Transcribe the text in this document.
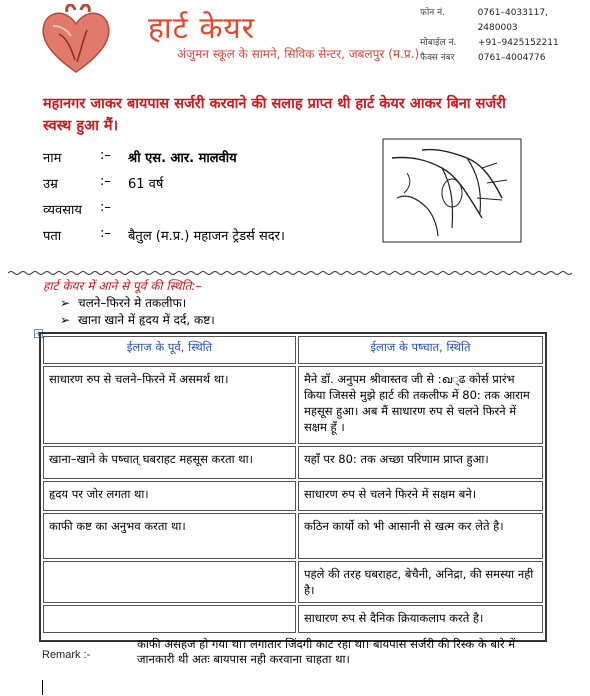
हार्ट केयर
अंजुमन स्कूल के सामने, सिविक सेन्टर, जबलपुर (म.प्र.)
फोन नं.	0761–4033117, 2480003
मोबाईल नं.	+91–9425152211
फैक्स नंबर	0761–4004776
महानगर जाकर बायपास सर्जरी करवाने की सलाह प्राप्त थी हार्ट केयर आकर बिना सर्जरी स्वस्थ हुआ मैं।
नाम	:– श्री एस. आर. मालवीय
उम्र	:– 61 वर्ष
व्यवसाय :–
पता	:– बैतुल (म.प्र.) महाजन ट्रेडर्स सदर।
हार्ट केयर में आने से पूर्व की स्थिति:–
➢ चलने–फिरने मे तकलीफ।
➢ खाना खाने में हृदय में दर्द, कष्ट।
+
ईलाज के पूर्व, स्थिति	ईलाज के पष्चात, स्थिति
साधारण रुप से चलने–फिरने में असमर्थ था।	मैने डॉ. अनुपम श्रीवास्तव जी से :ഖ्ढ कोर्स प्रारंभ किया जिससे मुझे हार्ट की तकलीफ में 80: तक आराम महसूस हुआ। अब मैं साधारण रुप से चलने फिरने में सक्षम हूँ ।
खाना–खाने के पष्चात् घबराहट महसूस करता था।	यहाँ पर 80: तक अच्छा परिणाम प्राप्त हुआ।
हृदय पर जोर लगता था।	साधारण रुप से चलने फिरने में सक्षम बने।
काफी कष्ट का अनुभव करता था।	कठिन कार्यो को भी आसानी से खत्म कर लेते है।
	पहले की तरह घबराहट, बेचैनी, अनिद्रा, की समस्या नही है।
	साधारण रुप से दैनिक क्रियाकलाप करते है।
Remark :-
काफी असहज हो गया था। लगातार जिंदगी काट रहा था। बायपास सर्जरी की रिस्क के बारे में जानकारी थी अतः बायपास नही करवाना चाहता था।
